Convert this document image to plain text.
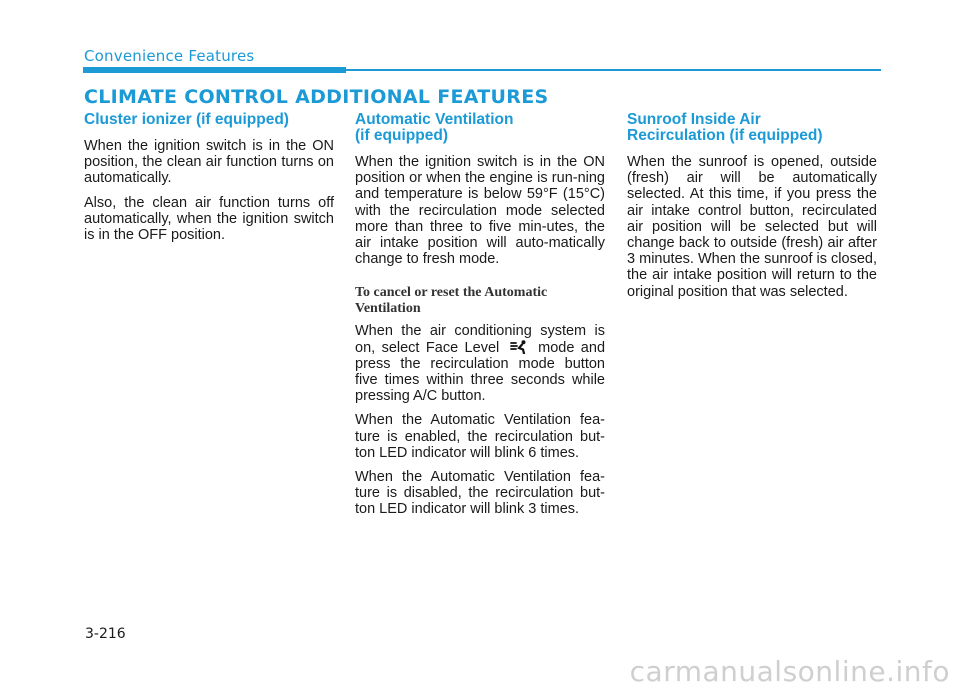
Convenience Features
CLIMATE CONTROL ADDITIONAL FEATURES
Cluster ionizer (if equipped)

When the ignition switch is in the ON position, the clean air function turns on automatically.

Also, the clean air function turns off automatically, when the ignition switch is in the OFF position.

Automatic Ventilation
(if equipped)

When the ignition switch is in the ON position or when the engine is run-ning and temperature is below 59°F (15°C) with the recirculation mode selected more than three to five min-utes, the air intake position will auto-matically change to fresh mode.

To cancel or reset the Automatic Ventilation

When the air conditioning system is on, select Face Level	mode and press the recirculation mode button five times within three seconds while pressing A/C button.

When the Automatic Ventilation fea-ture is enabled, the recirculation but-ton LED indicator will blink 6 times.

When the Automatic Ventilation fea-ture is disabled, the recirculation but-ton LED indicator will blink 3 times.

Sunroof Inside Air
Recirculation (if equipped)

When the sunroof is opened, outside (fresh) air will be automatically selected. At this time, if you press the air intake control button, recirculated air position will be selected but will change back to outside (fresh) air after 3 minutes. When the sunroof is closed, the air intake position will return to the original position that was selected.

3-216
carmanualsonline.info
